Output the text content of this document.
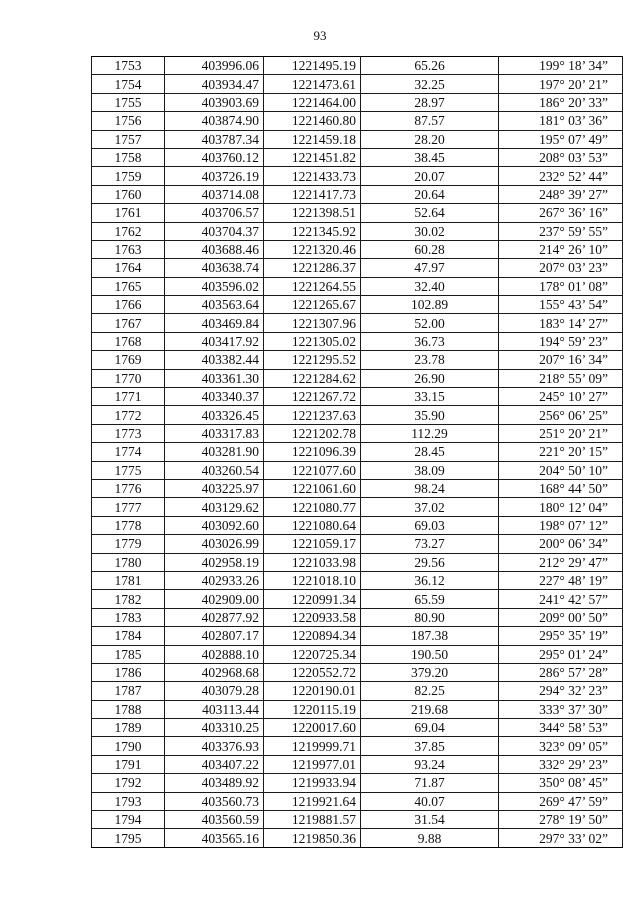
93
1753	403996.06	1221495.19	65.26	199° 18’ 34”
1754	403934.47	1221473.61	32.25	197° 20’ 21”
1755	403903.69	1221464.00	28.97	186° 20’ 33”
1756	403874.90	1221460.80	87.57	181° 03’ 36”
1757	403787.34	1221459.18	28.20	195° 07’ 49”
1758	403760.12	1221451.82	38.45	208° 03’ 53”
1759	403726.19	1221433.73	20.07	232° 52’ 44”
1760	403714.08	1221417.73	20.64	248° 39’ 27”
1761	403706.57	1221398.51	52.64	267° 36’ 16”
1762	403704.37	1221345.92	30.02	237° 59’ 55”
1763	403688.46	1221320.46	60.28	214° 26’ 10”
1764	403638.74	1221286.37	47.97	207° 03’ 23”
1765	403596.02	1221264.55	32.40	178° 01’ 08”
1766	403563.64	1221265.67	102.89	155° 43’ 54”
1767	403469.84	1221307.96	52.00	183° 14’ 27”
1768	403417.92	1221305.02	36.73	194° 59’ 23”
1769	403382.44	1221295.52	23.78	207° 16’ 34”
1770	403361.30	1221284.62	26.90	218° 55’ 09”
1771	403340.37	1221267.72	33.15	245° 10’ 27”
1772	403326.45	1221237.63	35.90	256° 06’ 25”
1773	403317.83	1221202.78	112.29	251° 20’ 21”
1774	403281.90	1221096.39	28.45	221° 20’ 15”
1775	403260.54	1221077.60	38.09	204° 50’ 10”
1776	403225.97	1221061.60	98.24	168° 44’ 50”
1777	403129.62	1221080.77	37.02	180° 12’ 04”
1778	403092.60	1221080.64	69.03	198° 07’ 12”
1779	403026.99	1221059.17	73.27	200° 06’ 34”
1780	402958.19	1221033.98	29.56	212° 29’ 47”
1781	402933.26	1221018.10	36.12	227° 48’ 19”
1782	402909.00	1220991.34	65.59	241° 42’ 57”
1783	402877.92	1220933.58	80.90	209° 00’ 50”
1784	402807.17	1220894.34	187.38	295° 35’ 19”
1785	402888.10	1220725.34	190.50	295° 01’ 24”
1786	402968.68	1220552.72	379.20	286° 57’ 28”
1787	403079.28	1220190.01	82.25	294° 32’ 23”
1788	403113.44	1220115.19	219.68	333° 37’ 30”
1789	403310.25	1220017.60	69.04	344° 58’ 53”
1790	403376.93	1219999.71	37.85	323° 09’ 05”
1791	403407.22	1219977.01	93.24	332° 29’ 23”
1792	403489.92	1219933.94	71.87	350° 08’ 45”
1793	403560.73	1219921.64	40.07	269° 47’ 59”
1794	403560.59	1219881.57	31.54	278° 19’ 50”
1795	403565.16	1219850.36	9.88	297° 33’ 02”
